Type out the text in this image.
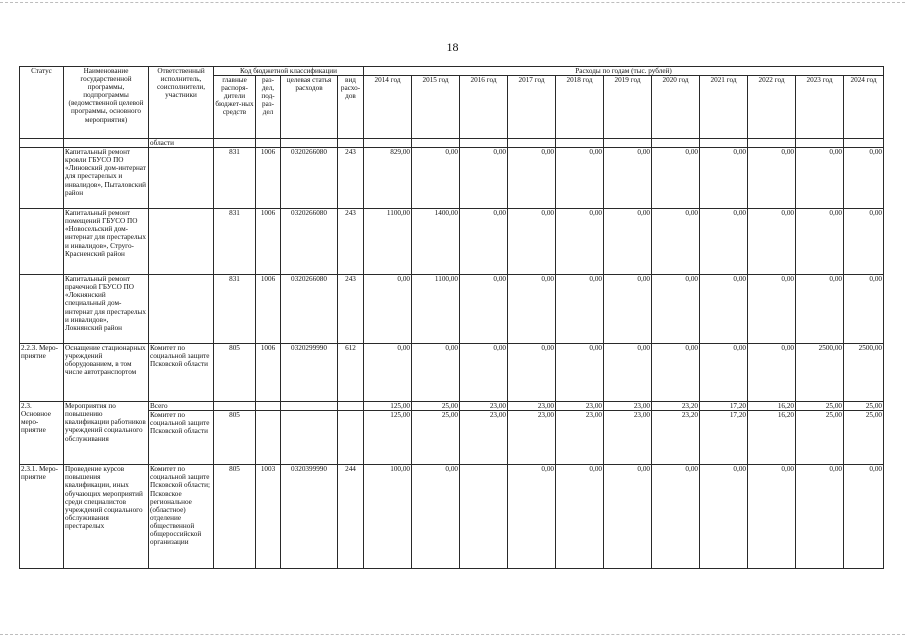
18
Статус	Наименование государственной программы, подпрограммы (ведомственной целевой программы, основного мероприятия)	Ответственный исполнитель, соисполнители, участники	Код бюджетной классификации				Расходы по годам (тыс. рублей)										
			главные распоря-дители бюджет-ных средств	раз-дел, под-раз-дел	целевая статья расходов	вид расхо-дов	2014 год	2015 год	2016 год	2017 год	2018 год	2019 год	2020 год	2021 год	2022 год	2023 год	2024 год
		области															
	Капитальный ремонт кровли ГБУСО ПО «Линовский дом-интернат для престарелых и инвалидов», Пыталовский район		831	1006	0320266080	243	829,00	0,00	0,00	0,00	0,00	0,00	0,00	0,00	0,00	0,00	0,00
	Капитальный ремонт помещений ГБУСО ПО «Новосельский дом-интернат для престарелых и инвалидов», Струго-Красненский район		831	1006	0320266080	243	1100,00	1400,00	0,00	0,00	0,00	0,00	0,00	0,00	0,00	0,00	0,00
	Капитальный ремонт прачечной ГБУСО ПО «Локнянский специальный дом-интернат для престарелых и инвалидов», Локнянский район		831	1006	0320266080	243	0,00	1100,00	0,00	0,00	0,00	0,00	0,00	0,00	0,00	0,00	0,00
2.2.3. Меро-приятие	Оснащение стационарных учреждений оборудованием, в том числе автотранспортом	Комитет по социальной защите Псковской области	805	1006	0320299990	612	0,00	0,00	0,00	0,00	0,00	0,00	0,00	0,00	0,00	2500,00	2500,00
2.3. Основное меро-приятие	Мероприятия по повышению квалификации работников учреждений социального обслуживания	Всего					125,00	25,00	23,00	23,00	23,00	23,00	23,20	17,20	16,20	25,00	25,00
		Комитет по социальной защите Псковской области	805				125,00	25,00	23,00	23,00	23,00	23,00	23,20	17,20	16,20	25,00	25,00
2.3.1. Меро-приятие	Проведение курсов повышения квалификации, иных обучающих мероприятий среди специалистов учреждений социального обслуживания престарелых	Комитет по социальной защите Псковской области; Псковское региональное (областное) отделение общественной общероссийской организации	805	1003	0320399990	244	100,00	0,00		0,00	0,00	0,00	0,00	0,00	0,00	0,00	0,00
